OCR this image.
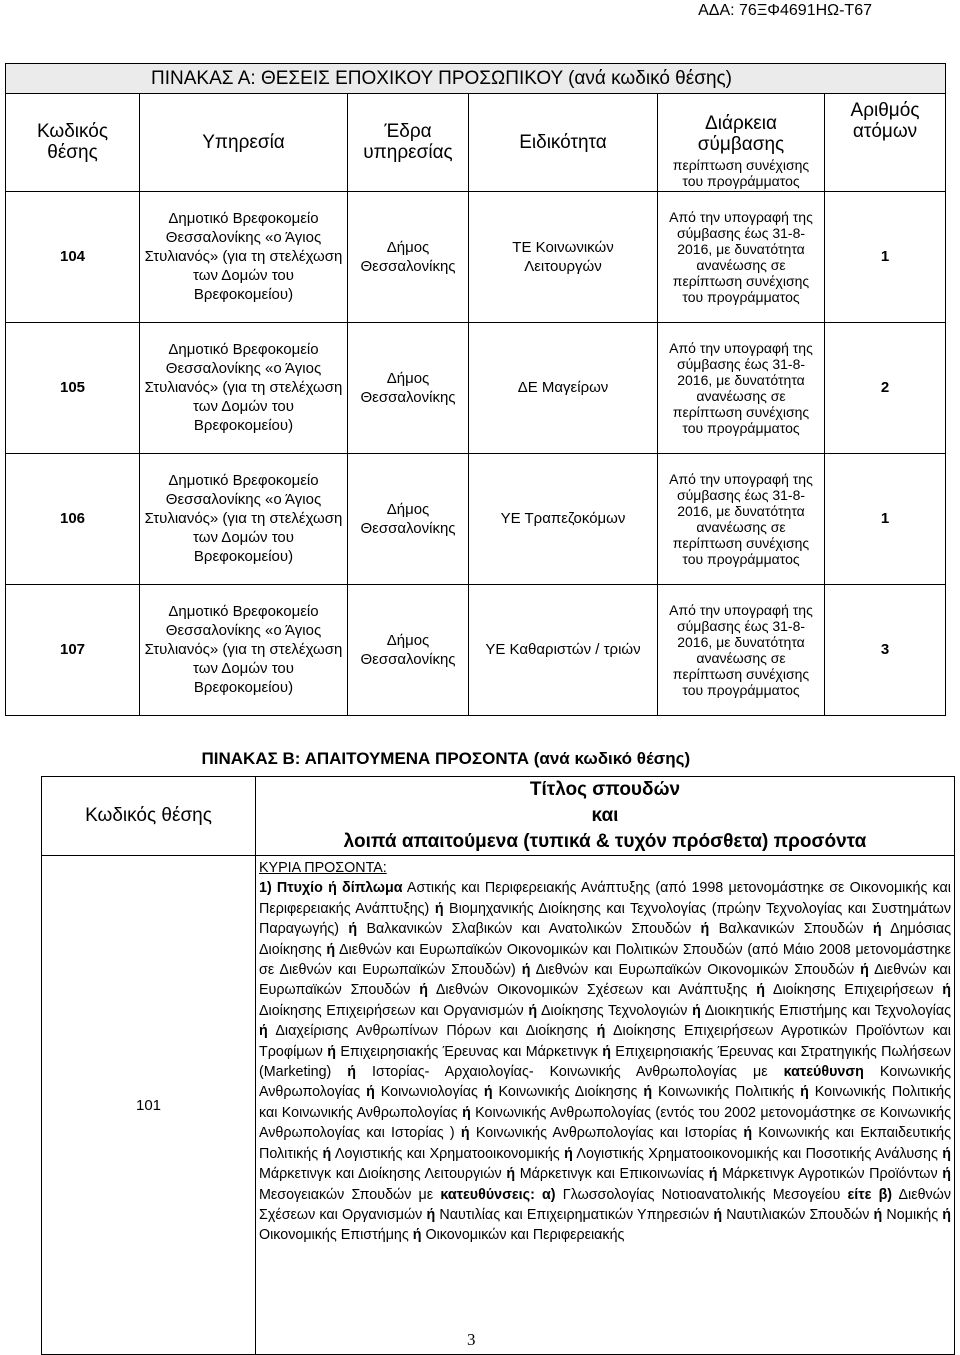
ΑΔΑ: 76ΞΦ4691ΗΩ-Τ67
ΠΙΝΑΚΑΣ Α: ΘΕΣΕΙΣ ΕΠΟΧΙΚΟΥ ΠΡΟΣΩΠΙΚΟΥ (ανά κωδικό θέσης)					
Κωδικός θέσης	Υπηρεσία	Έδρα υπηρεσίας	Ειδικότητα	Διάρκεια σύμβασης	Αριθμός ατόμων
				περίπτωση συνέχισης του προγράμματος	
104	Δημοτικό Βρεφοκομείο Θεσσαλονίκης «ο Άγιος Στυλιανός» (για τη στελέχωση των Δομών του Βρεφοκομείου)	Δήμος Θεσσαλονίκης	ΤΕ Κοινωνικών Λειτουργών	Από την υπογραφή της σύμβασης έως 31-8-2016, με δυνατότητα ανανέωσης σε περίπτωση συνέχισης του προγράμματος	1
105	Δημοτικό Βρεφοκομείο Θεσσαλονίκης «ο Άγιος Στυλιανός» (για τη στελέχωση των Δομών του Βρεφοκομείου)	Δήμος Θεσσαλονίκης	ΔΕ Μαγείρων	Από την υπογραφή της σύμβασης έως 31-8-2016, με δυνατότητα ανανέωσης σε περίπτωση συνέχισης του προγράμματος	2
106	Δημοτικό Βρεφοκομείο Θεσσαλονίκης «ο Άγιος Στυλιανός» (για τη στελέχωση των Δομών του Βρεφοκομείου)	Δήμος Θεσσαλονίκης	ΥΕ Τραπεζοκόμων	Από την υπογραφή της σύμβασης έως 31-8-2016, με δυνατότητα ανανέωσης σε περίπτωση συνέχισης του προγράμματος	1
107	Δημοτικό Βρεφοκομείο Θεσσαλονίκης «ο Άγιος Στυλιανός» (για τη στελέχωση των Δομών του Βρεφοκομείου)	Δήμος Θεσσαλονίκης	ΥΕ Καθαριστών / τριών	Από την υπογραφή της σύμβασης έως 31-8-2016, με δυνατότητα ανανέωσης σε περίπτωση συνέχισης του προγράμματος	3
	ΠΙΝΑΚΑΣ Β: ΑΠΑΙΤΟΥΜΕΝΑ ΠΡΟΣΟΝΤΑ (ανά κωδικό θέσης)
Κωδικός θέσης	Τίτλος σπουδών
και
λοιπά απαιτούμενα (τυπικά & τυχόν πρόσθετα) προσόντα
101	ΚΥΡΙΑ ΠΡΟΣΟΝΤΑ:
1) Πτυχίο ή δίπλωμα Αστικής και Περιφερειακής Ανάπτυξης (από 1998 μετονομάστηκε σε Οικονομικής και Περιφερειακής Ανάπτυξης) ή Βιομηχανικής Διοίκησης και Τεχνολογίας (πρώην Τεχνολογίας και Συστημάτων Παραγωγής) ή Βαλκανικών Σλαβικών και Ανατολικών Σπουδών ή Βαλκανικών Σπουδών ή Δημόσιας Διοίκησης ή Διεθνών και Ευρωπαϊκών Οικονομικών και Πολιτικών Σπουδών (από Μάιο 2008 μετονομάστηκε σε Διεθνών και Ευρωπαϊκών Σπουδών) ή Διεθνών και Ευρωπαϊκών Οικονομικών Σπουδών ή Διεθνών και Ευρωπαϊκών Σπουδών ή Διεθνών Οικονομικών Σχέσεων και Ανάπτυξης ή Διοίκησης Επιχειρήσεων ή Διοίκησης Επιχειρήσεων και Οργανισμών ή Διοίκησης Τεχνολογιών ή Διοικητικής Επιστήμης και Τεχνολογίας ή Διαχείρισης Ανθρωπίνων Πόρων και Διοίκησης ή Διοίκησης Επιχειρήσεων Αγροτικών Προϊόντων και Τροφίμων ή Επιχειρησιακής Έρευνας και Μάρκετινγκ ή Επιχειρησιακής Έρευνας και Στρατηγικής Πωλήσεων (Marketing) ή Ιστορίας- Αρχαιολογίας- Κοινωνικής Ανθρωπολογίας με κατεύθυνση Κοινωνικής Ανθρωπολογίας ή Κοινωνιολογίας ή Κοινωνικής Διοίκησης ή Κοινωνικής Πολιτικής ή Κοινωνικής Πολιτικής και Κοινωνικής Ανθρωπολογίας ή Κοινωνικής Ανθρωπολογίας (εντός του 2002 μετονομάστηκε σε Κοινωνικής Ανθρωπολογίας και Ιστορίας ) ή Κοινωνικής Ανθρωπολογίας και Ιστορίας ή Κοινωνικής και Εκπαιδευτικής Πολιτικής ή Λογιστικής και Χρηματοοικονομικής ή Λογιστικής Χρηματοοικονομικής και Ποσοτικής Ανάλυσης ή Μάρκετινγκ και Διοίκησης Λειτουργιών ή Μάρκετινγκ και Επικοινωνίας ή Μάρκετινγκ Αγροτικών Προϊόντων ή Μεσογειακών Σπουδών με κατευθύνσεις: α) Γλωσσολογίας Νοτιοανατολικής Μεσογείου είτε β) Διεθνών Σχέσεων και Οργανισμών ή Ναυτιλίας και Επιχειρηματικών Υπηρεσιών ή Ναυτιλιακών Σπουδών ή Νομικής ή Οικονομικής Επιστήμης ή Οικονομικών και Περιφερειακής
3
